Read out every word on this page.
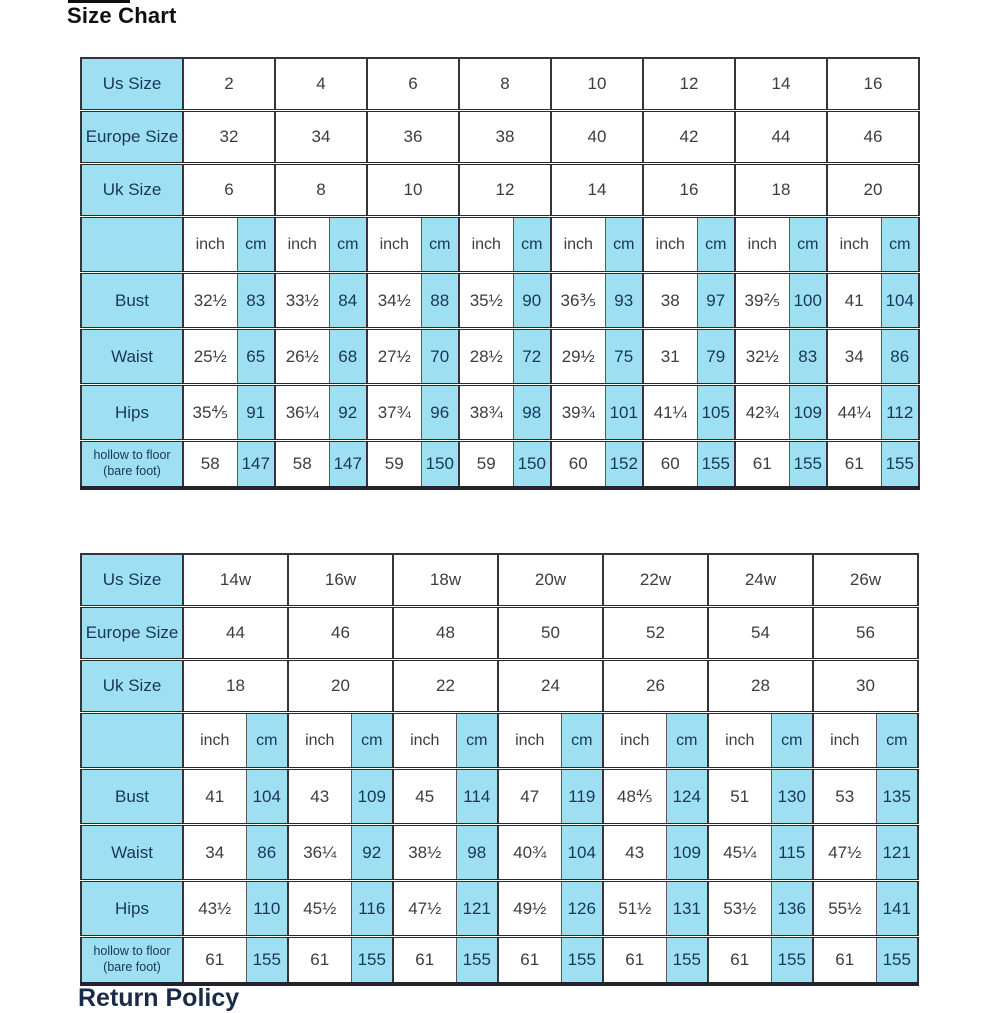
Size Chart
Us Size	2		4		6		8		10		12		14		16	
Europe Size	32		34		36		38		40		42		44		46	
Uk Size	6		8		10		12		14		16		18		20	
	inch	cm	inch	cm	inch	cm	inch	cm	inch	cm	inch	cm	inch	cm	inch	cm
Bust	32½	83	33½	84	34½	88	35½	90	36⅗	93	38	97	39⅖	100	41	104
Waist	25½	65	26½	68	27½	70	28½	72	29½	75	31	79	32½	83	34	86
Hips	35⅘	91	36¼	92	37¾	96	38¾	98	39¾	101	41¼	105	42¾	109	44¼	112

hollow to floor
(bare foot)	58	147	58	147	59	150	59	150	60	152	60	155	61	155	61	155
Us Size	14w		16w		18w		20w		22w		24w		26w	
Europe Size	44		46		48		50		52		54		56	
Uk Size	18		20		22		24		26		28		30	
	inch	cm	inch	cm	inch	cm	inch	cm	inch	cm	inch	cm	inch	cm
Bust	41	104	43	109	45	114	47	119	48⅘	124	51	130	53	135
Waist	34	86	36¼	92	38½	98	40¾	104	43	109	45¼	115	47½	121
Hips	43½	110	45½	116	47½	121	49½	126	51½	131	53½	136	55½	141

hollow to floor
(bare foot)	61	155	61	155	61	155	61	155	61	155	61	155	61	155
Return Policy
